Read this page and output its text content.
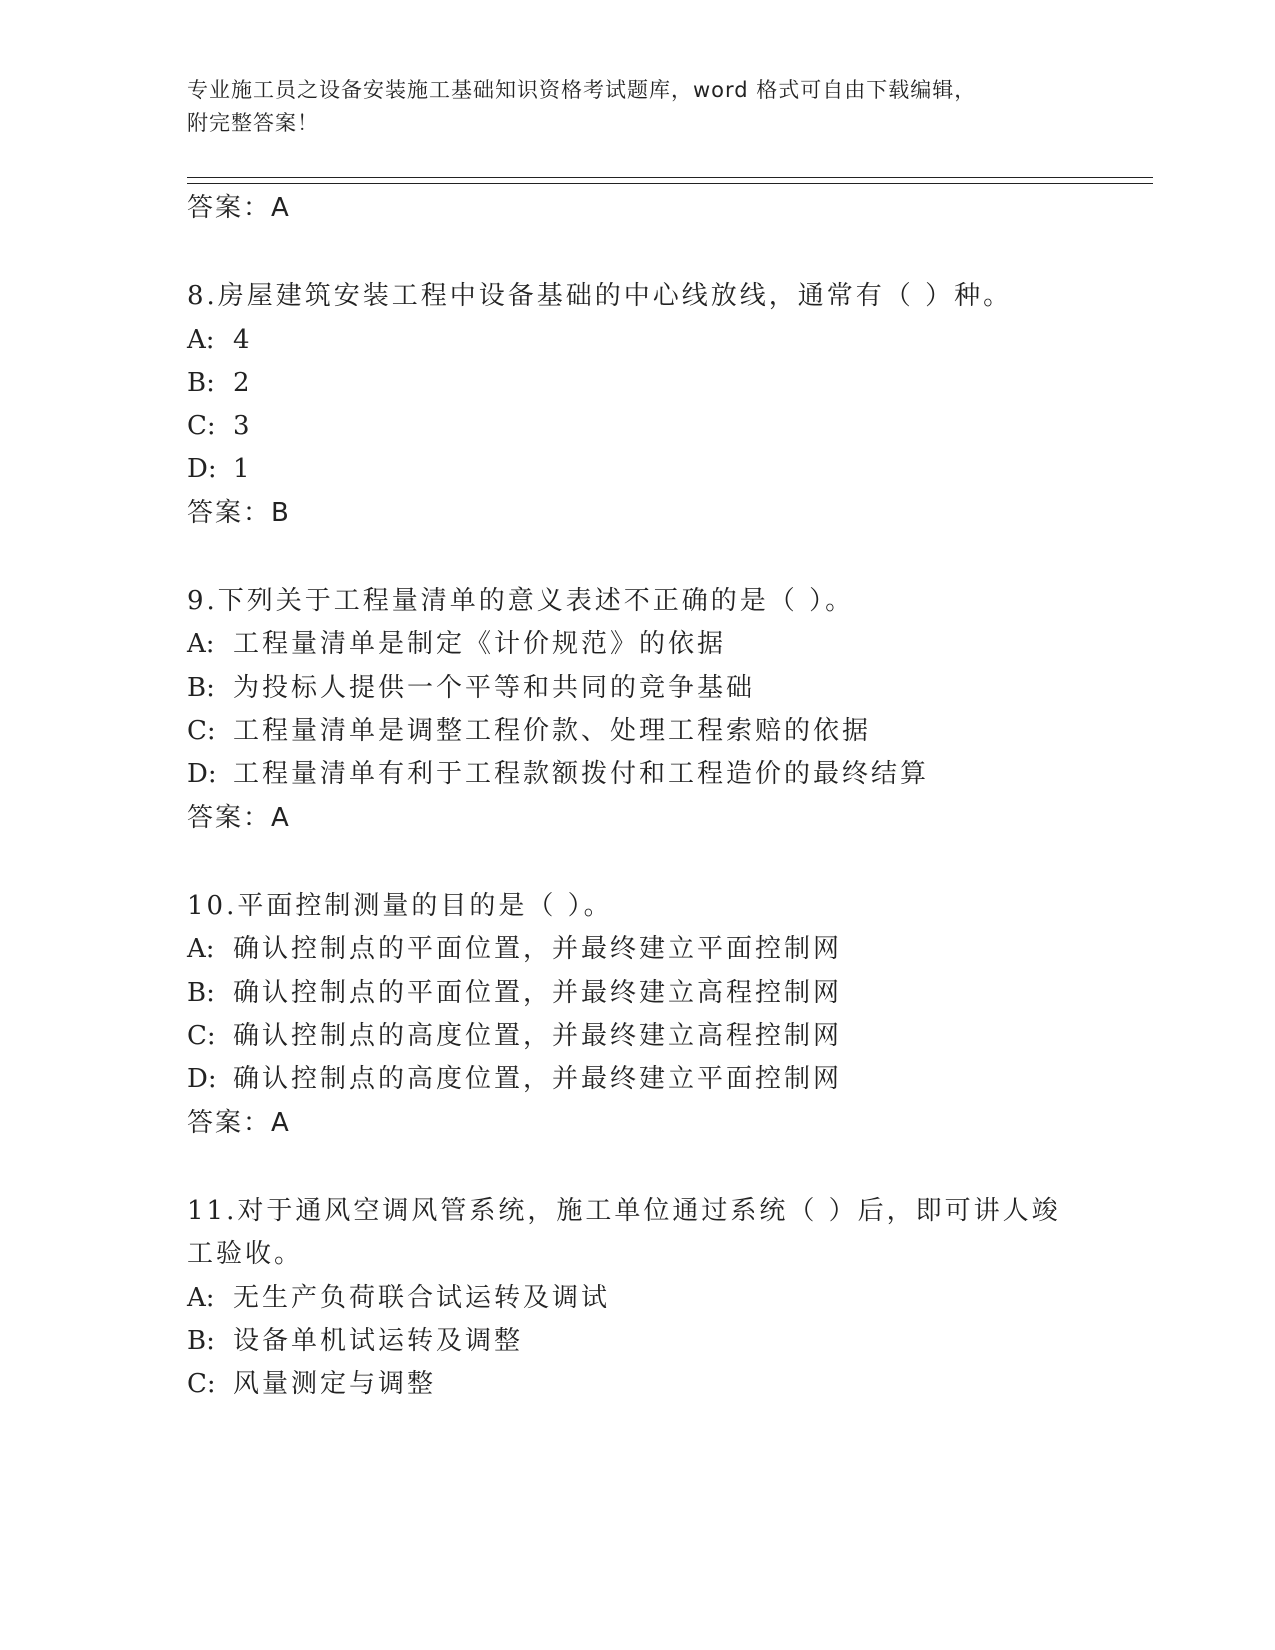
专业施工员之设备安装施工基础知识资格考试题库，word 格式可自由下载编辑，
附完整答案！
答案：A
8.房屋建筑安装工程中设备基础的中心线放线，通常有（ ）种。
A: 4
B: 2
C: 3
D: 1
答案：B
9.下列关于工程量清单的意义表述不正确的是（ ）。
A: 工程量清单是制定《计价规范》的依据
B: 为投标人提供一个平等和共同的竞争基础
C: 工程量清单是调整工程价款、处理工程索赔的依据
D: 工程量清单有利于工程款额拨付和工程造价的最终结算
答案：A
10.平面控制测量的目的是（ ）。
A: 确认控制点的平面位置，并最终建立平面控制网
B: 确认控制点的平面位置，并最终建立高程控制网
C: 确认控制点的高度位置，并最终建立高程控制网
D: 确认控制点的高度位置，并最终建立平面控制网
答案：A
11.对于通风空调风管系统，施工单位通过系统（ ）后，即可讲人竣
工验收。
A: 无生产负荷联合试运转及调试
B: 设备单机试运转及调整
C: 风量测定与调整
